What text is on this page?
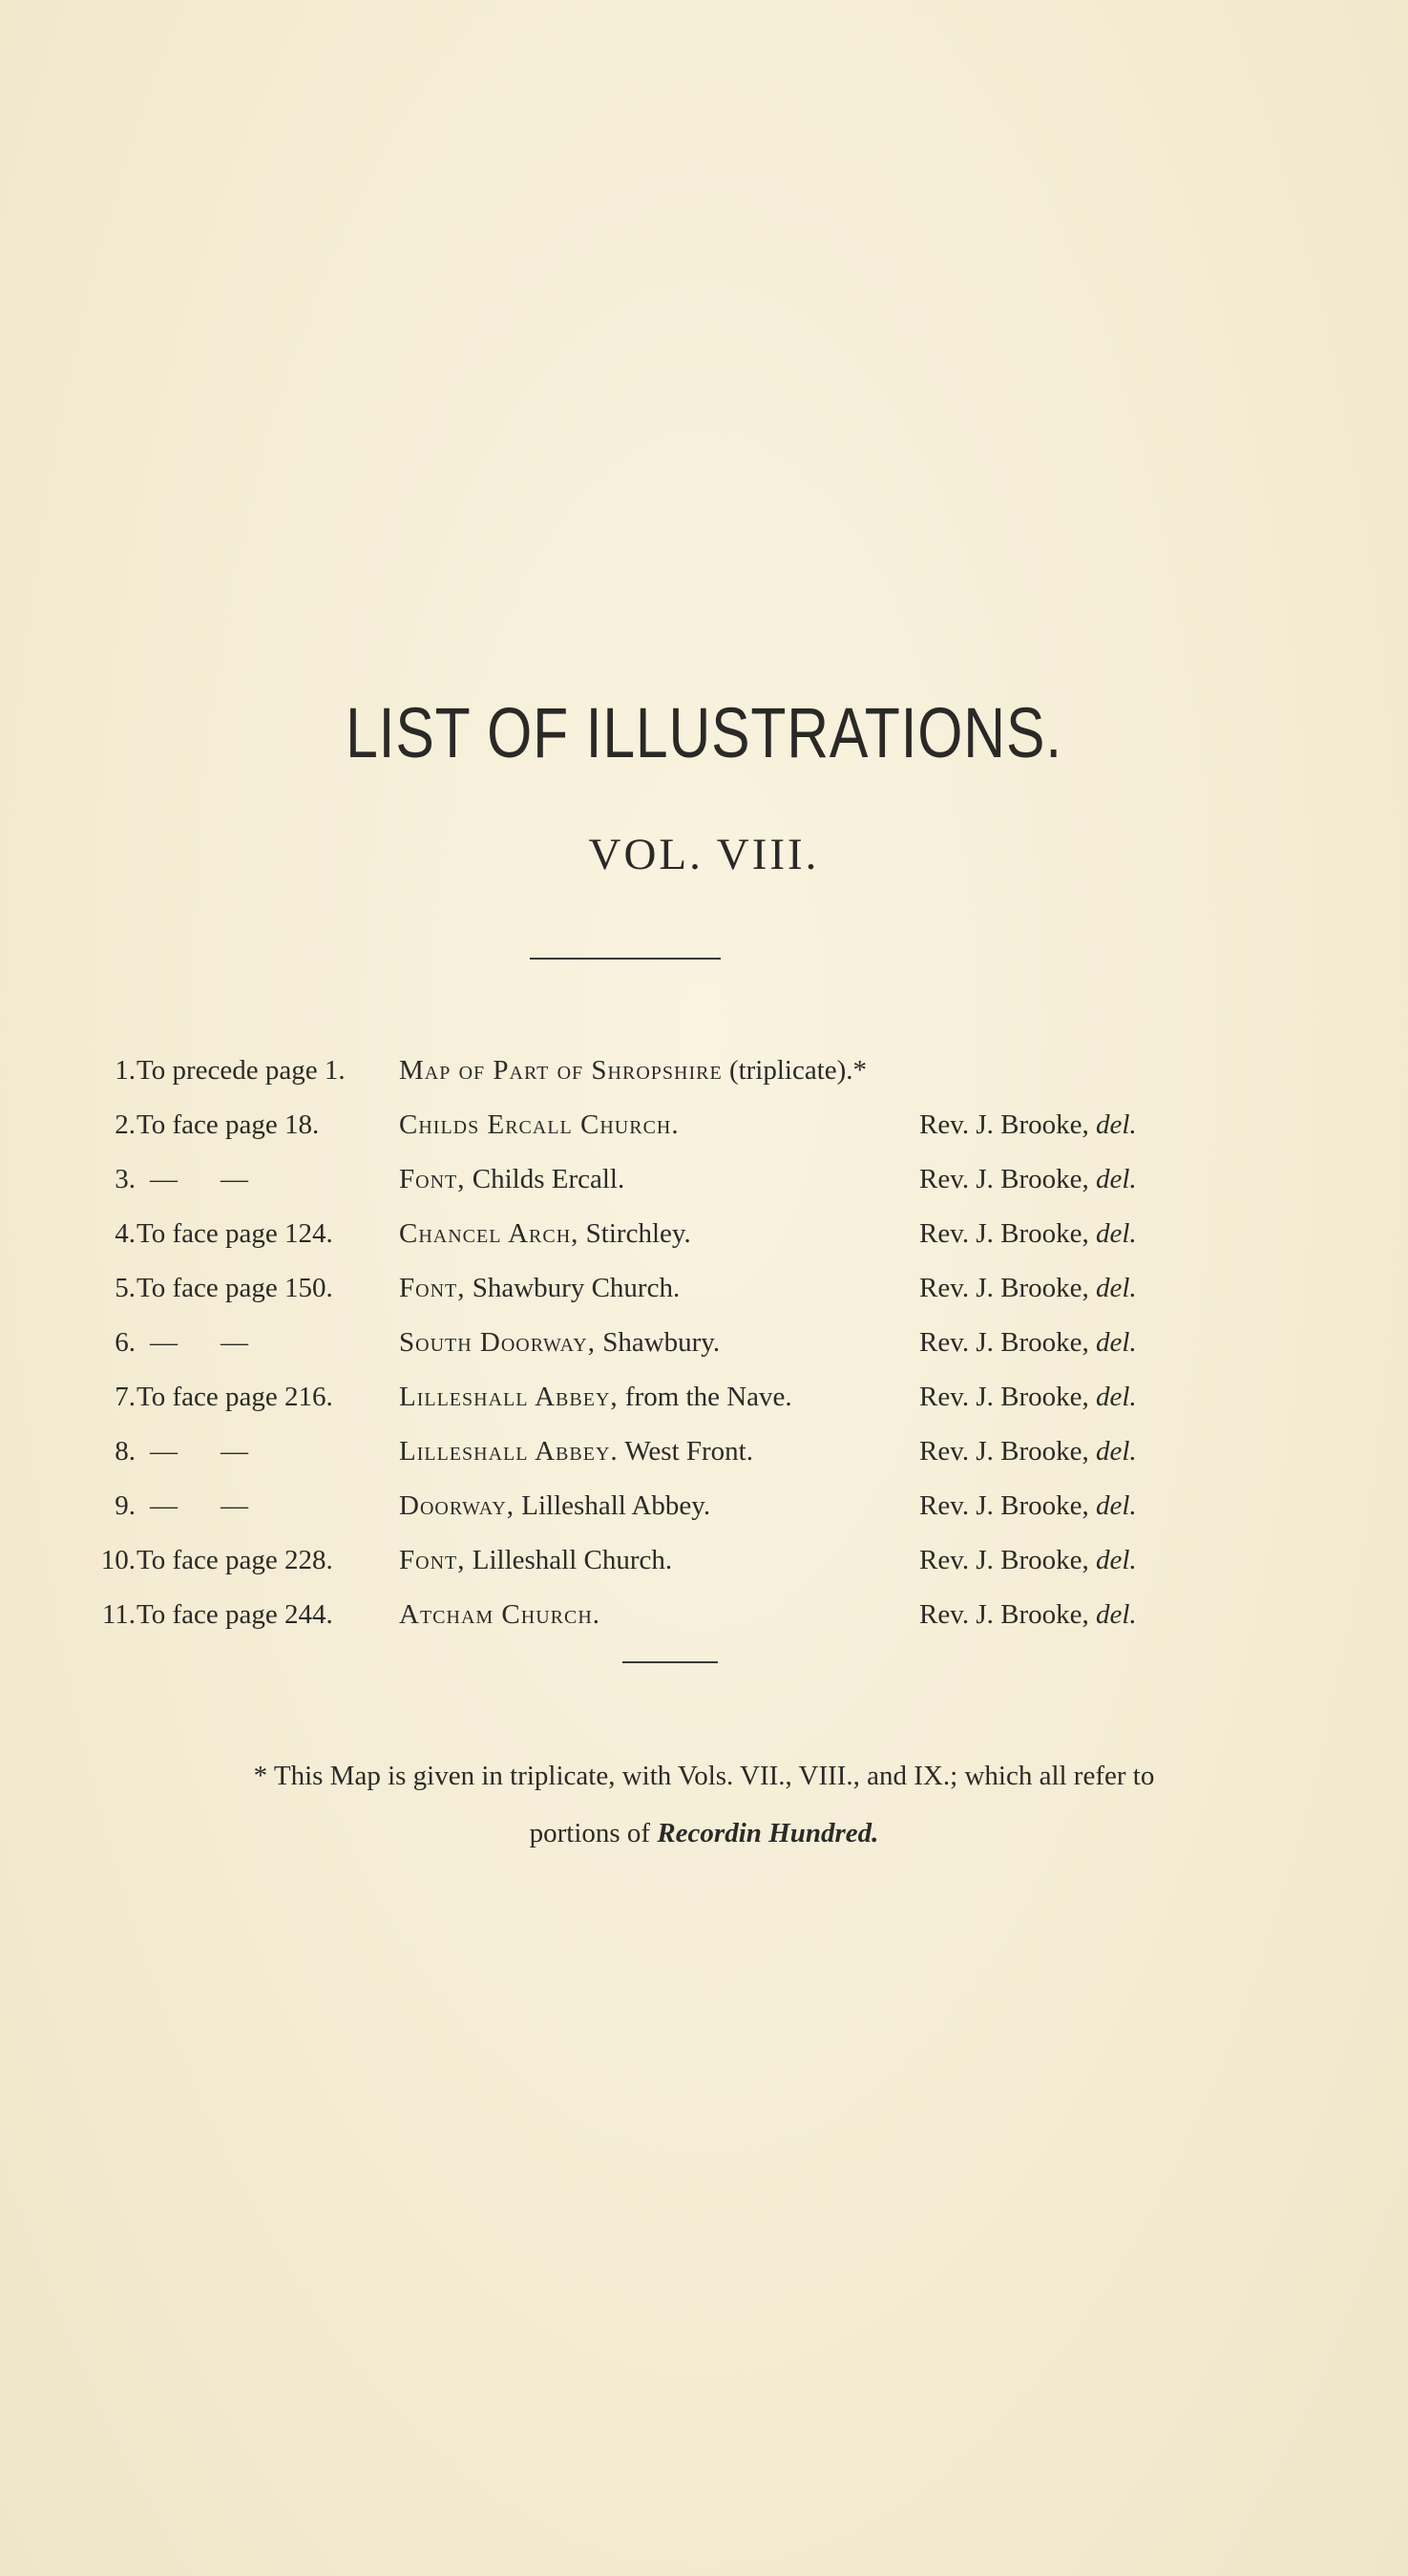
LIST OF ILLUSTRATIONS.
VOL. VIII.
1. To precede page 1.	Map of Part of Shropshire (triplicate).*
2. To face page 18.	Childs Ercall Church.	Rev. J. Brooke, del.
3. — —	Font, Childs Ercall.	Rev. J. Brooke, del.
4. To face page 124.	Chancel Arch, Stirchley.	Rev. J. Brooke, del.
5. To face page 150.	Font, Shawbury Church.	Rev. J. Brooke, del.
6. — —	South Doorway, Shawbury.	Rev. J. Brooke, del.
7. To face page 216.	Lilleshall Abbey, from the Nave.	Rev. J. Brooke, del.
8. — —	Lilleshall Abbey. West Front.	Rev. J. Brooke, del.
9. — —	Doorway, Lilleshall Abbey.	Rev. J. Brooke, del.
10. To face page 228.	Font, Lilleshall Church.	Rev. J. Brooke, del.
11. To face page 244.	Atcham Church.	Rev. J. Brooke, del.
* This Map is given in triplicate, with Vols. VII., VIII., and IX.; which all refer to
portions of Recordin Hundred.
